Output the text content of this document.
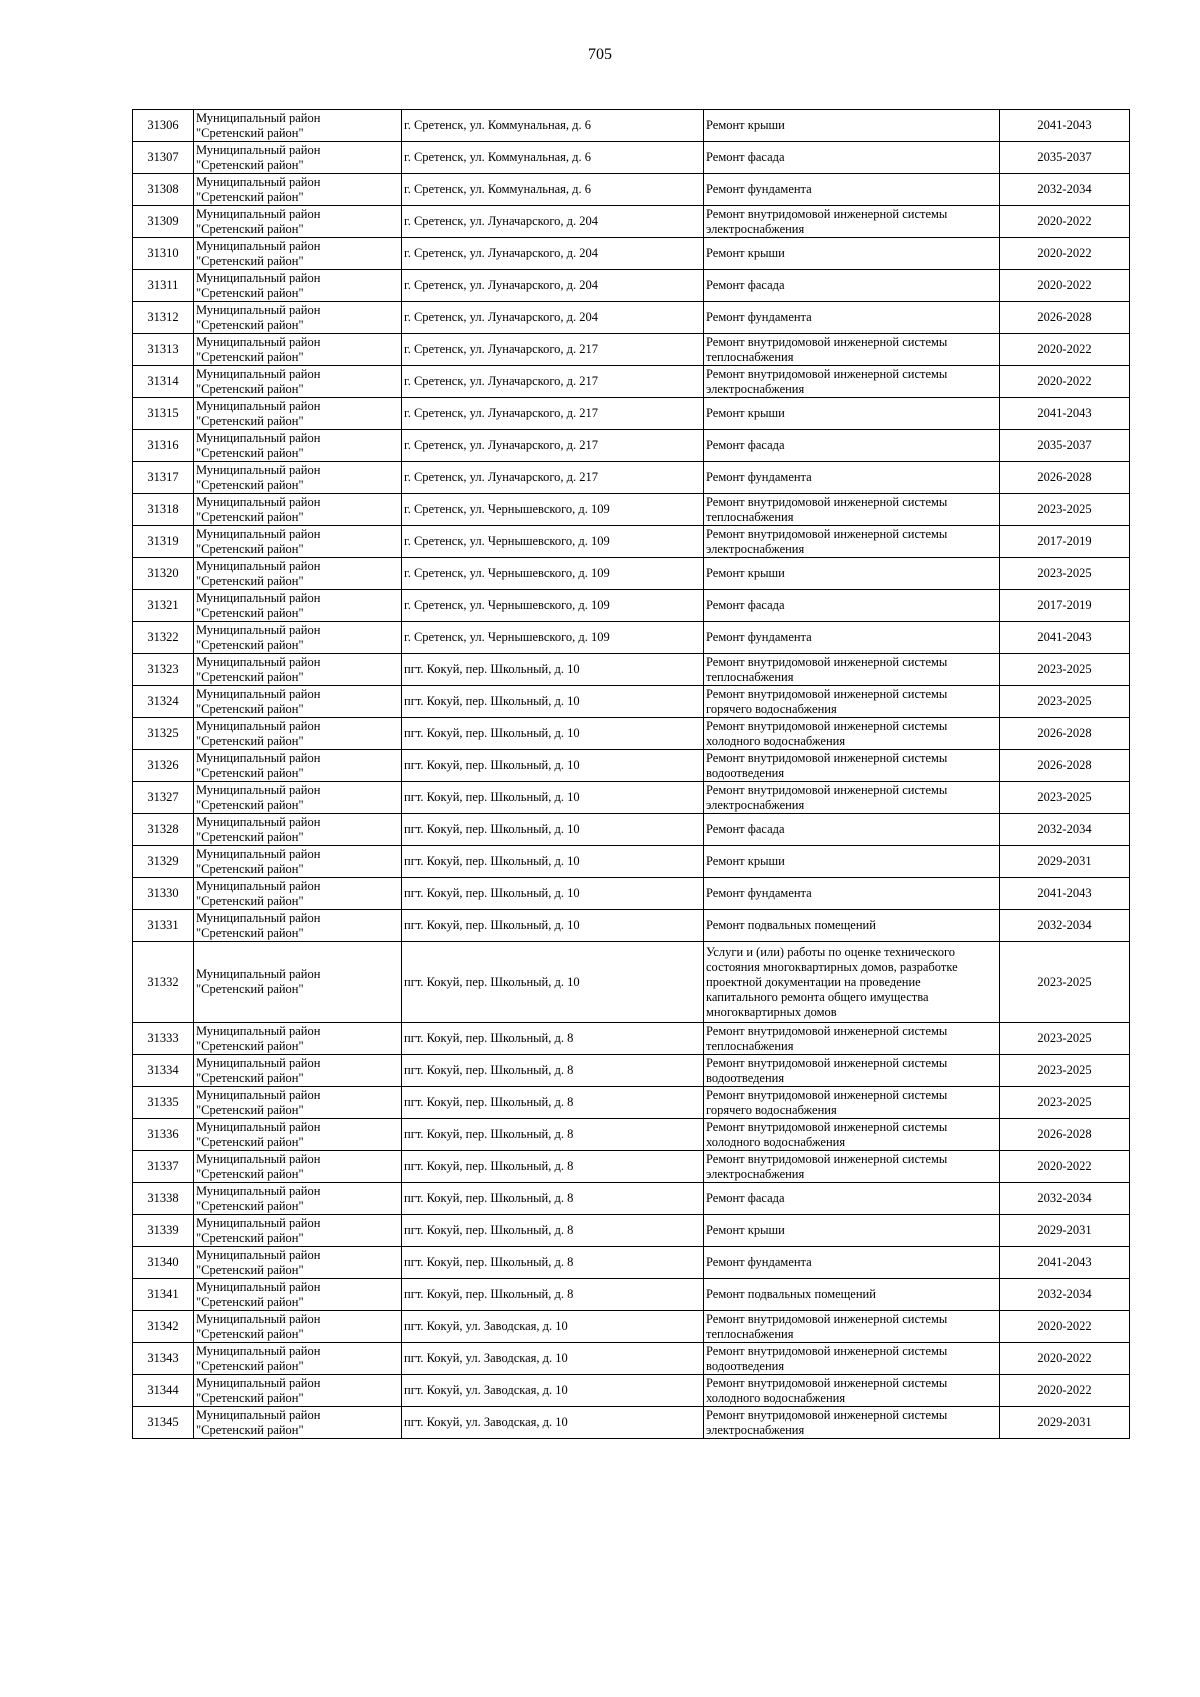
705
31306	Муниципальный район
"Сретенский район"	г. Сретенск, ул. Коммунальная, д. 6	Ремонт крыши	2041-2043

31307	Муниципальный район
"Сретенский район"	г. Сретенск, ул. Коммунальная, д. 6	Ремонт фасада	2035-2037

31308	Муниципальный район
"Сретенский район"	г. Сретенск, ул. Коммунальная, д. 6	Ремонт фундамента	2032-2034

31309	Муниципальный район
"Сретенский район"	г. Сретенск, ул. Луначарского, д. 204	Ремонт внутридомовой инженерной системы
электроснабжения	2020-2022

31310	Муниципальный район
"Сретенский район"	г. Сретенск, ул. Луначарского, д. 204	Ремонт крыши	2020-2022

31311	Муниципальный район
"Сретенский район"	г. Сретенск, ул. Луначарского, д. 204	Ремонт фасада	2020-2022

31312	Муниципальный район
"Сретенский район"	г. Сретенск, ул. Луначарского, д. 204	Ремонт фундамента	2026-2028

31313	Муниципальный район
"Сретенский район"	г. Сретенск, ул. Луначарского, д. 217	Ремонт внутридомовой инженерной системы
теплоснабжения	2020-2022

31314	Муниципальный район
"Сретенский район"	г. Сретенск, ул. Луначарского, д. 217	Ремонт внутридомовой инженерной системы
электроснабжения	2020-2022

31315	Муниципальный район
"Сретенский район"	г. Сретенск, ул. Луначарского, д. 217	Ремонт крыши	2041-2043

31316	Муниципальный район
"Сретенский район"	г. Сретенск, ул. Луначарского, д. 217	Ремонт фасада	2035-2037

31317	Муниципальный район
"Сретенский район"	г. Сретенск, ул. Луначарского, д. 217	Ремонт фундамента	2026-2028

31318	Муниципальный район
"Сретенский район"	г. Сретенск, ул. Чернышевского, д. 109	Ремонт внутридомовой инженерной системы
теплоснабжения	2023-2025

31319	Муниципальный район
"Сретенский район"	г. Сретенск, ул. Чернышевского, д. 109	Ремонт внутридомовой инженерной системы
электроснабжения	2017-2019

31320	Муниципальный район
"Сретенский район"	г. Сретенск, ул. Чернышевского, д. 109	Ремонт крыши	2023-2025

31321	Муниципальный район
"Сретенский район"	г. Сретенск, ул. Чернышевского, д. 109	Ремонт фасада	2017-2019

31322	Муниципальный район
"Сретенский район"	г. Сретенск, ул. Чернышевского, д. 109	Ремонт фундамента	2041-2043

31323	Муниципальный район
"Сретенский район"	пгт. Кокуй, пер. Школьный, д. 10	Ремонт внутридомовой инженерной системы
теплоснабжения	2023-2025

31324	Муниципальный район
"Сретенский район"	пгт. Кокуй, пер. Школьный, д. 10	Ремонт внутридомовой инженерной системы
горячего водоснабжения	2023-2025

31325	Муниципальный район
"Сретенский район"	пгт. Кокуй, пер. Школьный, д. 10	Ремонт внутридомовой инженерной системы
холодного водоснабжения	2026-2028

31326	Муниципальный район
"Сретенский район"	пгт. Кокуй, пер. Школьный, д. 10	Ремонт внутридомовой инженерной системы
водоотведения	2026-2028

31327	Муниципальный район
"Сретенский район"	пгт. Кокуй, пер. Школьный, д. 10	Ремонт внутридомовой инженерной системы
электроснабжения	2023-2025

31328	Муниципальный район
"Сретенский район"	пгт. Кокуй, пер. Школьный, д. 10	Ремонт фасада	2032-2034

31329	Муниципальный район
"Сретенский район"	пгт. Кокуй, пер. Школьный, д. 10	Ремонт крыши	2029-2031

31330	Муниципальный район
"Сретенский район"	пгт. Кокуй, пер. Школьный, д. 10	Ремонт фундамента	2041-2043

31331	Муниципальный район
"Сретенский район"	пгт. Кокуй, пер. Школьный, д. 10	Ремонт подвальных помещений	2032-2034

31332	Муниципальный район
"Сретенский район"	пгт. Кокуй, пер. Школьный, д. 10	Услуги и (или) работы по оценке технического
состояния многоквартирных домов, разработке
проектной документации на проведение
капитального ремонта общего имущества
многоквартирных домов	2023-2025

31333	Муниципальный район
"Сретенский район"	пгт. Кокуй, пер. Школьный, д. 8	Ремонт внутридомовой инженерной системы
теплоснабжения	2023-2025

31334	Муниципальный район
"Сретенский район"	пгт. Кокуй, пер. Школьный, д. 8	Ремонт внутридомовой инженерной системы
водоотведения	2023-2025

31335	Муниципальный район
"Сретенский район"	пгт. Кокуй, пер. Школьный, д. 8	Ремонт внутридомовой инженерной системы
горячего водоснабжения	2023-2025

31336	Муниципальный район
"Сретенский район"	пгт. Кокуй, пер. Школьный, д. 8	Ремонт внутридомовой инженерной системы
холодного водоснабжения	2026-2028

31337	Муниципальный район
"Сретенский район"	пгт. Кокуй, пер. Школьный, д. 8	Ремонт внутридомовой инженерной системы
электроснабжения	2020-2022

31338	Муниципальный район
"Сретенский район"	пгт. Кокуй, пер. Школьный, д. 8	Ремонт фасада	2032-2034

31339	Муниципальный район
"Сретенский район"	пгт. Кокуй, пер. Школьный, д. 8	Ремонт крыши	2029-2031

31340	Муниципальный район
"Сретенский район"	пгт. Кокуй, пер. Школьный, д. 8	Ремонт фундамента	2041-2043

31341	Муниципальный район
"Сретенский район"	пгт. Кокуй, пер. Школьный, д. 8	Ремонт подвальных помещений	2032-2034

31342	Муниципальный район
"Сретенский район"	пгт. Кокуй, ул. Заводская, д. 10	Ремонт внутридомовой инженерной системы
теплоснабжения	2020-2022

31343	Муниципальный район
"Сретенский район"	пгт. Кокуй, ул. Заводская, д. 10	Ремонт внутридомовой инженерной системы
водоотведения	2020-2022

31344	Муниципальный район
"Сретенский район"	пгт. Кокуй, ул. Заводская, д. 10	Ремонт внутридомовой инженерной системы
холодного водоснабжения	2020-2022

31345	Муниципальный район
"Сретенский район"	пгт. Кокуй, ул. Заводская, д. 10	Ремонт внутридомовой инженерной системы
электроснабжения	2029-2031
